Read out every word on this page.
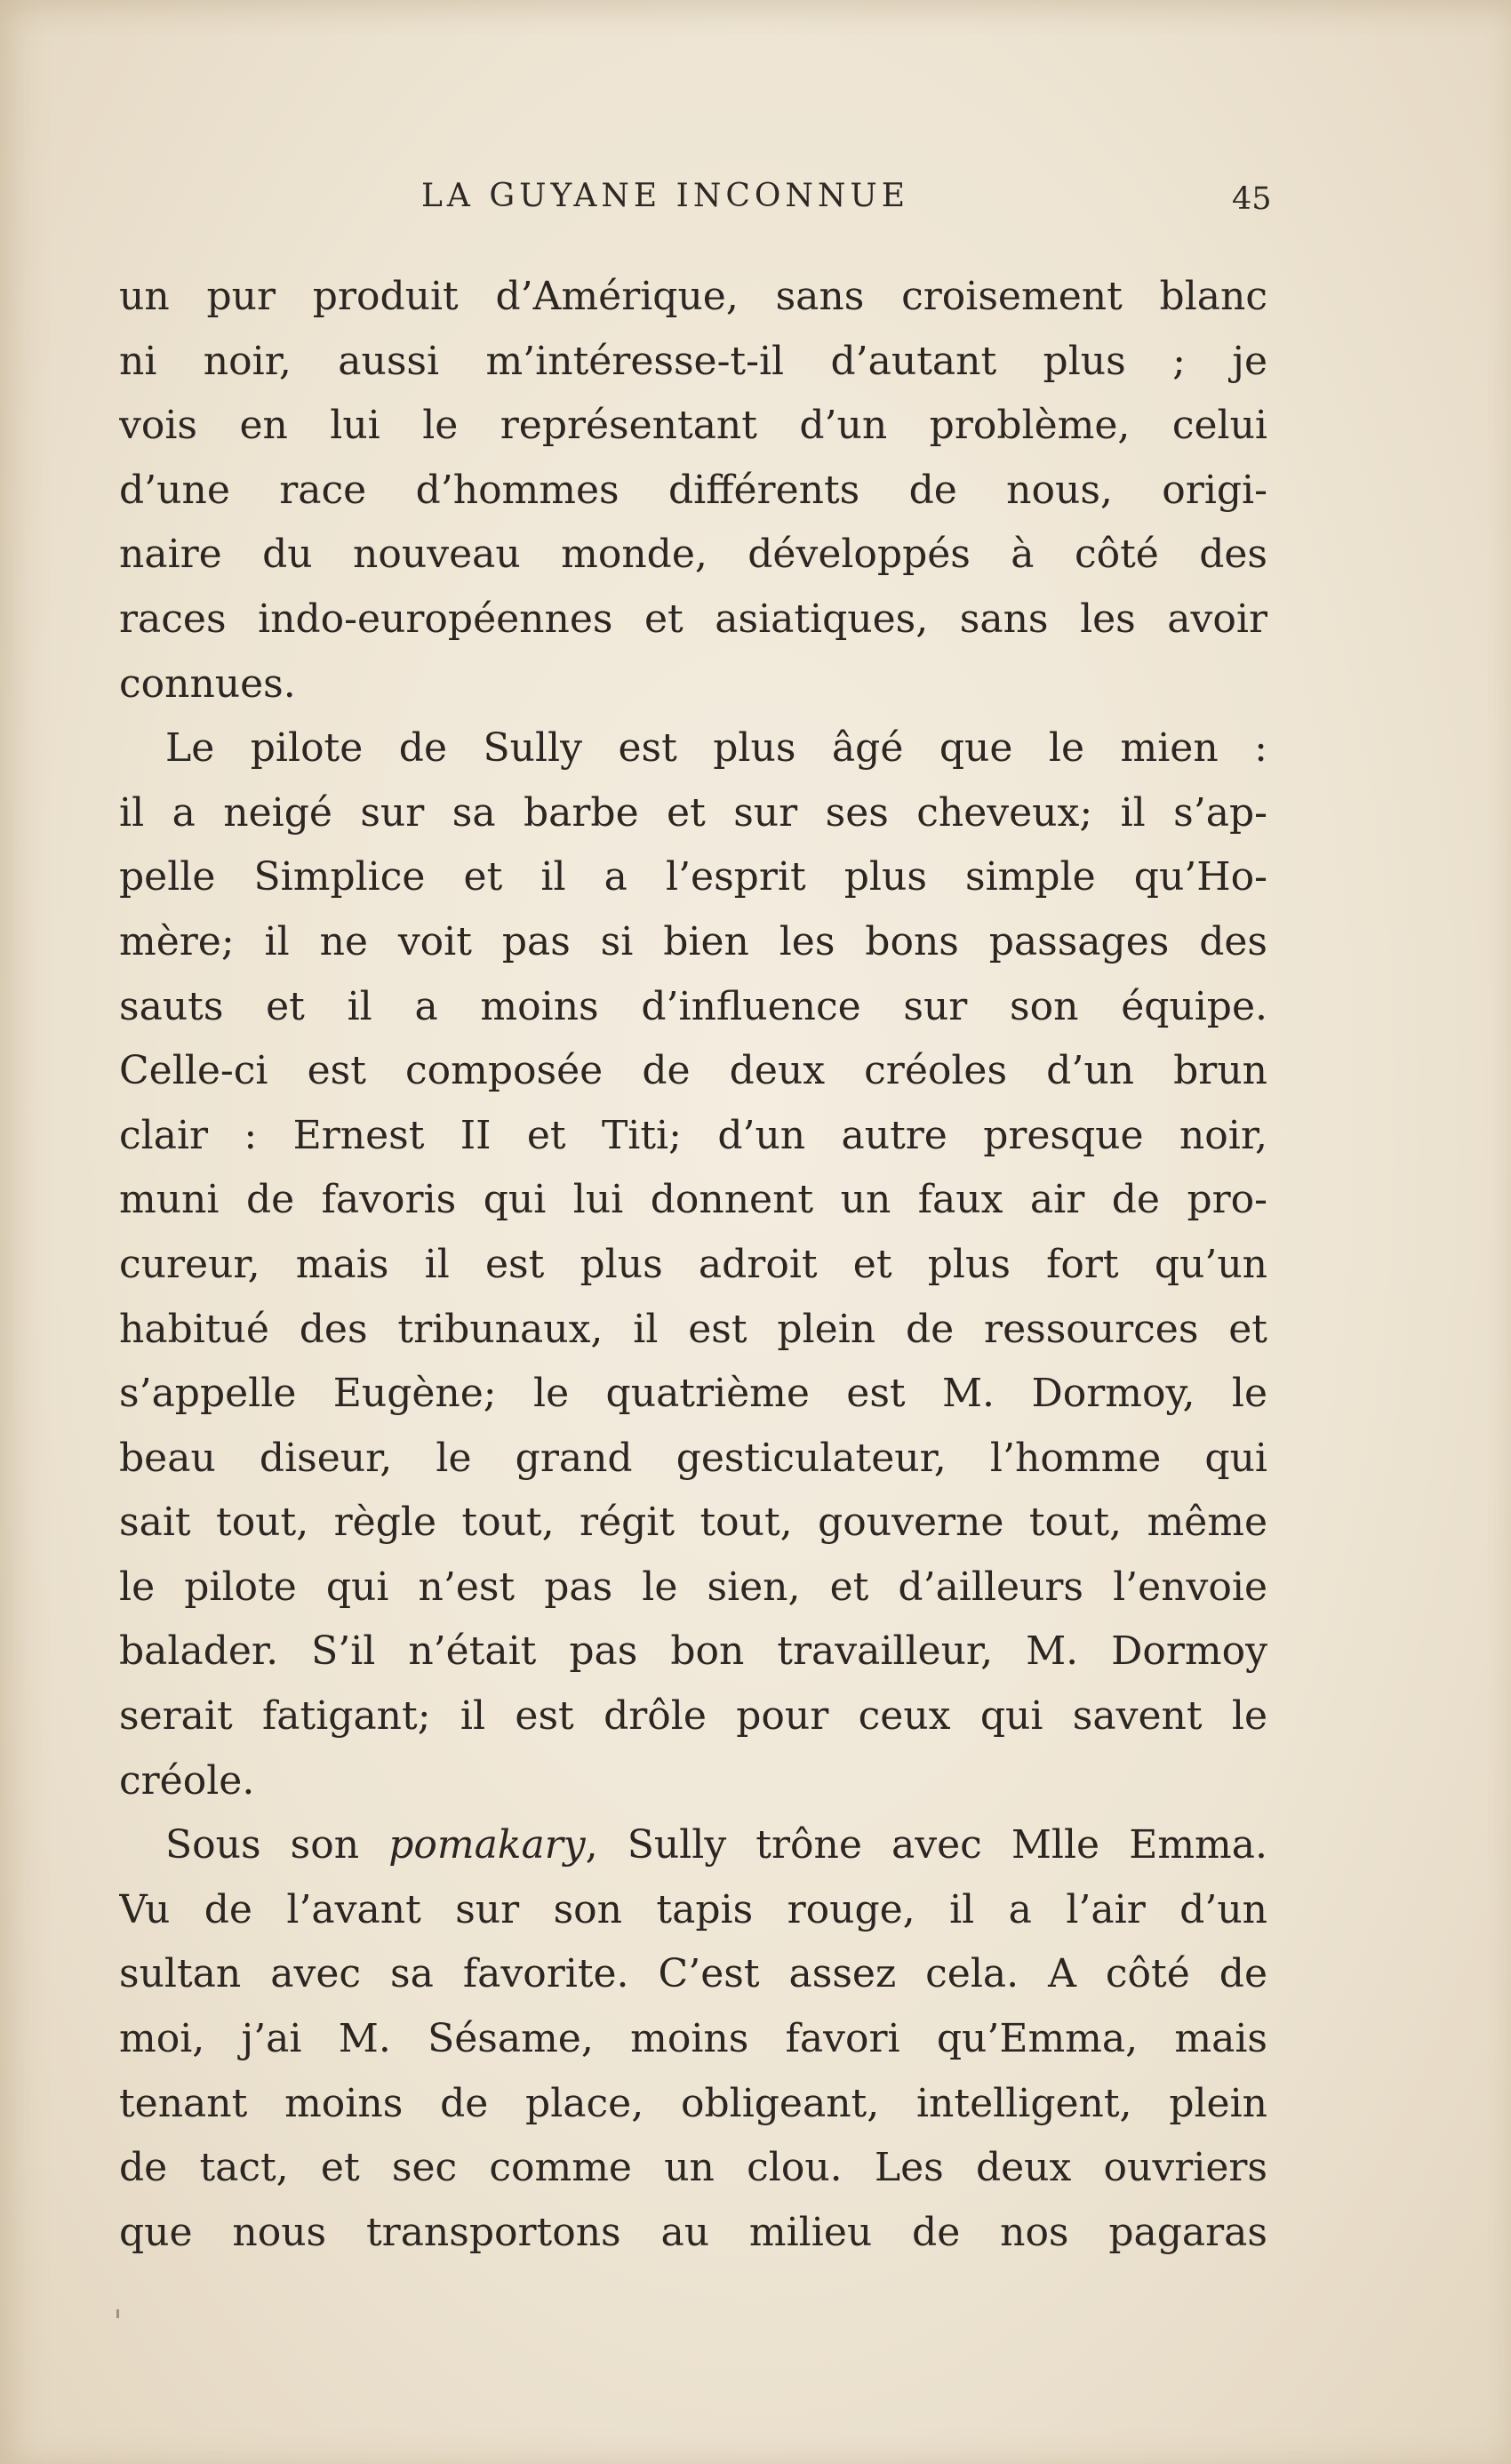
LA GUYANE INCONNUE	45
un pur produit d’Amérique, sans croisement blanc
ni noir, aussi m’intéresse-t-il d’autant plus ; je
vois en lui le représentant d’un problème, celui
d’une race d’hommes différents de nous, origi-
naire du nouveau monde, développés à côté des
races indo-européennes et asiatiques, sans les avoir
connues.
Le pilote de Sully est plus âgé que le mien :
il a neigé sur sa barbe et sur ses cheveux; il s’ap-
pelle Simplice et il a l’esprit plus simple qu’Ho-
mère; il ne voit pas si bien les bons passages des
sauts et il a moins d’influence sur son équipe.
Celle-ci est composée de deux créoles d’un brun
clair : Ernest II et Titi; d’un autre presque noir,
muni de favoris qui lui donnent un faux air de pro-
cureur, mais il est plus adroit et plus fort qu’un
habitué des tribunaux, il est plein de ressources et
s’appelle Eugène; le quatrième est M. Dormoy, le
beau diseur, le grand gesticulateur, l’homme qui
sait tout, règle tout, régit tout, gouverne tout, même
le pilote qui n’est pas le sien, et d’ailleurs l’envoie
balader. S’il n’était pas bon travailleur, M. Dormoy
serait fatigant; il est drôle pour ceux qui savent le
créole.
Sous son pomakary, Sully trône avec Mlle Emma.
Vu de l’avant sur son tapis rouge, il a l’air d’un
sultan avec sa favorite. C’est assez cela. A côté de
moi, j’ai M. Sésame, moins favori qu’Emma, mais
tenant moins de place, obligeant, intelligent, plein
de tact, et sec comme un clou. Les deux ouvriers
que nous transportons au milieu de nos pagaras
